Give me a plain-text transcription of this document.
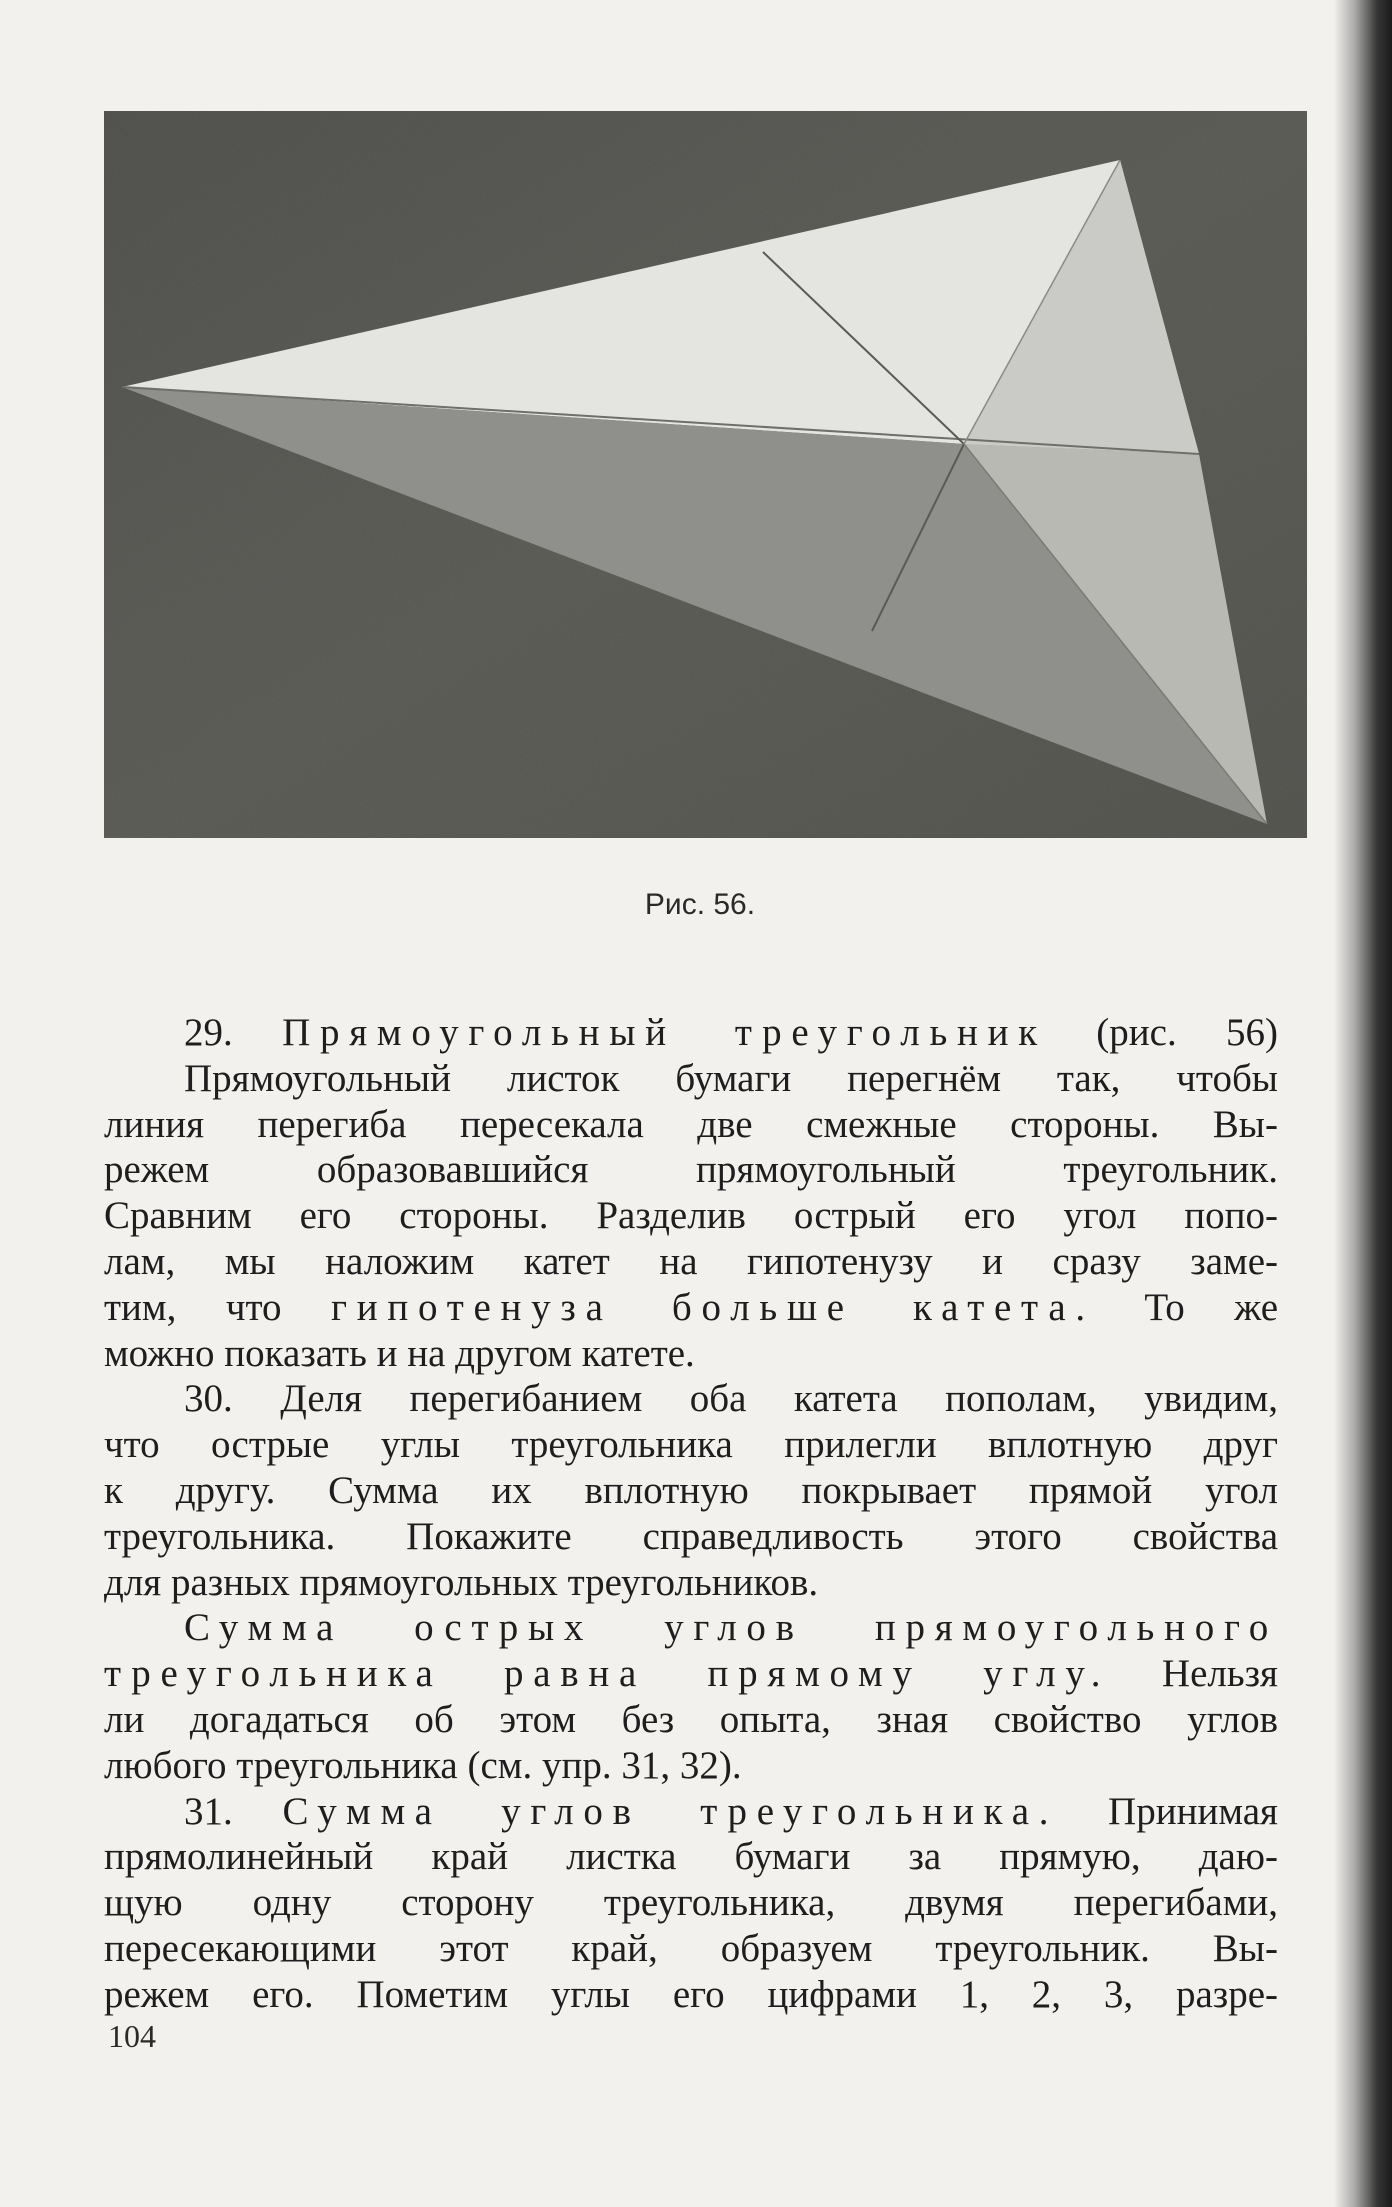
Рис. 56.
29. Прямоугольный треугольник (рис. 56)
Прямоугольный листок бумаги перегнём так, чтобы
линия перегиба пересекала две смежные стороны. Вы-
режем образовавшийся прямоугольный треугольник.
Сравним его стороны. Разделив острый его угол попо-
лам, мы наложим катет на гипотенузу и сразу заме-
тим, что гипотенуза больше катета. То же
можно показать и на другом катете.
30. Деля перегибанием оба катета пополам, увидим,
что острые углы треугольника прилегли вплотную друг
к другу. Сумма их вплотную покрывает прямой угол
треугольника. Покажите справедливость этого свойства
для разных прямоугольных треугольников.
Сумма острых углов прямоугольного
треугольника равна прямому углу. Нельзя
ли догадаться об этом без опыта, зная свойство углов
любого треугольника (см. упр. 31, 32).
31. Сумма углов треугольника. Принимая
прямолинейный край листка бумаги за прямую, даю-
щую одну сторону треугольника, двумя перегибами,
пересекающими этот край, образуем треугольник. Вы-
режем его. Пометим углы его цифрами 1, 2, 3, разре-
104
